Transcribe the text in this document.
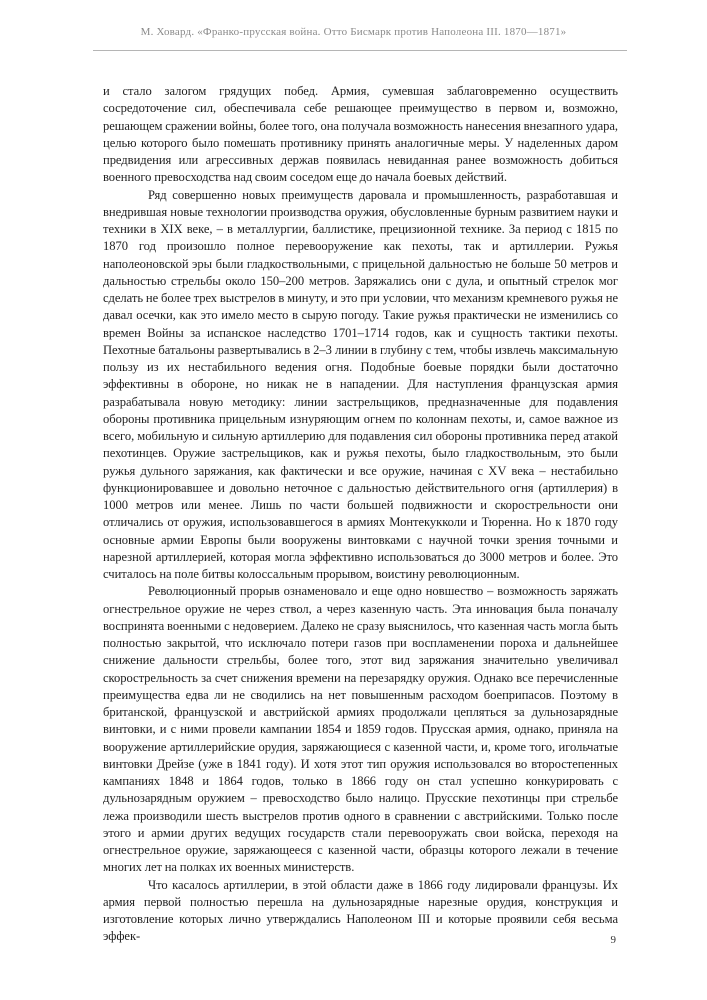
М. Ховард. «Франко-прусская война. Отто Бисмарк против Наполеона III. 1870—1871»

и стало залогом грядущих побед. Армия, сумевшая заблаговременно осуществить сосредоточение сил, обеспечивала себе решающее преимущество в первом и, возможно, решающем сражении войны, более того, она получала возможность нанесения внезапного удара, целью которого было помешать противнику принять аналогичные меры. У наделенных даром предвидения или агрессивных держав появилась невиданная ранее возможность добиться военного превосходства над своим соседом еще до начала боевых действий.

Ряд совершенно новых преимуществ даровала и промышленность, разработавшая и внедрившая новые технологии производства оружия, обусловленные бурным развитием науки и техники в XIX веке, – в металлургии, баллистике, прецизионной технике. За период с 1815 по 1870 год произошло полное перевооружение как пехоты, так и артиллерии. Ружья наполеоновской эры были гладкоствольными, с прицельной дальностью не больше 50 метров и дальностью стрельбы около 150–200 метров. Заряжались они с дула, и опытный стрелок мог сделать не более трех выстрелов в минуту, и это при условии, что механизм кремневого ружья не давал осечки, как это имело место в сырую погоду. Такие ружья практически не изменились со времен Войны за испанское наследство 1701–1714 годов, как и сущность тактики пехоты. Пехотные батальоны развертывались в 2–3 линии в глубину с тем, чтобы извлечь максимальную пользу из их нестабильного ведения огня. Подобные боевые порядки были достаточно эффективны в обороне, но никак не в нападении. Для наступления французская армия разрабатывала новую методику: линии застрельщиков, предназначенные для подавления обороны противника прицельным изнуряющим огнем по колоннам пехоты, и, самое важное из всего, мобильную и сильную артиллерию для подавления сил обороны противника перед атакой пехотинцев. Оружие застрельщиков, как и ружья пехоты, было гладкоствольным, это были ружья дульного заряжания, как фактически и все оружие, начиная с XV века – нестабильно функционировавшее и довольно неточное с дальностью действительного огня (артиллерия) в 1000 метров или менее. Лишь по части большей подвижности и скорострельности они отличались от оружия, использовавшегося в армиях Монтекукколи и Тюренна. Но к 1870 году основные армии Европы были вооружены винтовками с научной точки зрения точными и нарезной артиллерией, которая могла эффективно использоваться до 3000 метров и более. Это считалось на поле битвы колоссальным прорывом, воистину революционным.

Революционный прорыв ознаменовало и еще одно новшество – возможность заряжать огнестрельное оружие не через ствол, а через казенную часть. Эта инновация была поначалу воспринята военными с недоверием. Далеко не сразу выяснилось, что казенная часть могла быть полностью закрытой, что исключало потери газов при воспламенении пороха и дальнейшее снижение дальности стрельбы, более того, этот вид заряжания значительно увеличивал скорострельность за счет снижения времени на перезарядку оружия. Однако все перечисленные преимущества едва ли не сводились на нет повышенным расходом боеприпасов. Поэтому в британской, французской и австрийской армиях продолжали цепляться за дульнозарядные винтовки, и с ними провели кампании 1854 и 1859 годов. Прусская армия, однако, приняла на вооружение артиллерийские орудия, заряжающиеся с казенной части, и, кроме того, игольчатые винтовки Дрейзе (уже в 1841 году). И хотя этот тип оружия использовался во второстепенных кампаниях 1848 и 1864 годов, только в 1866 году он стал успешно конкурировать с дульнозарядным оружием – превосходство было налицо. Прусские пехотинцы при стрельбе лежа производили шесть выстрелов против одного в сравнении с австрийскими. Только после этого и армии других ведущих государств стали перевооружать свои войска, переходя на огнестрельное оружие, заряжающееся с казенной части, образцы которого лежали в течение многих лет на полках их военных министерств.

Что касалось артиллерии, в этой области даже в 1866 году лидировали французы. Их армия первой полностью перешла на дульнозарядные нарезные орудия, конструкция и изготовление которых лично утверждались Наполеоном III и которые проявили себя весьма эффек-	9
